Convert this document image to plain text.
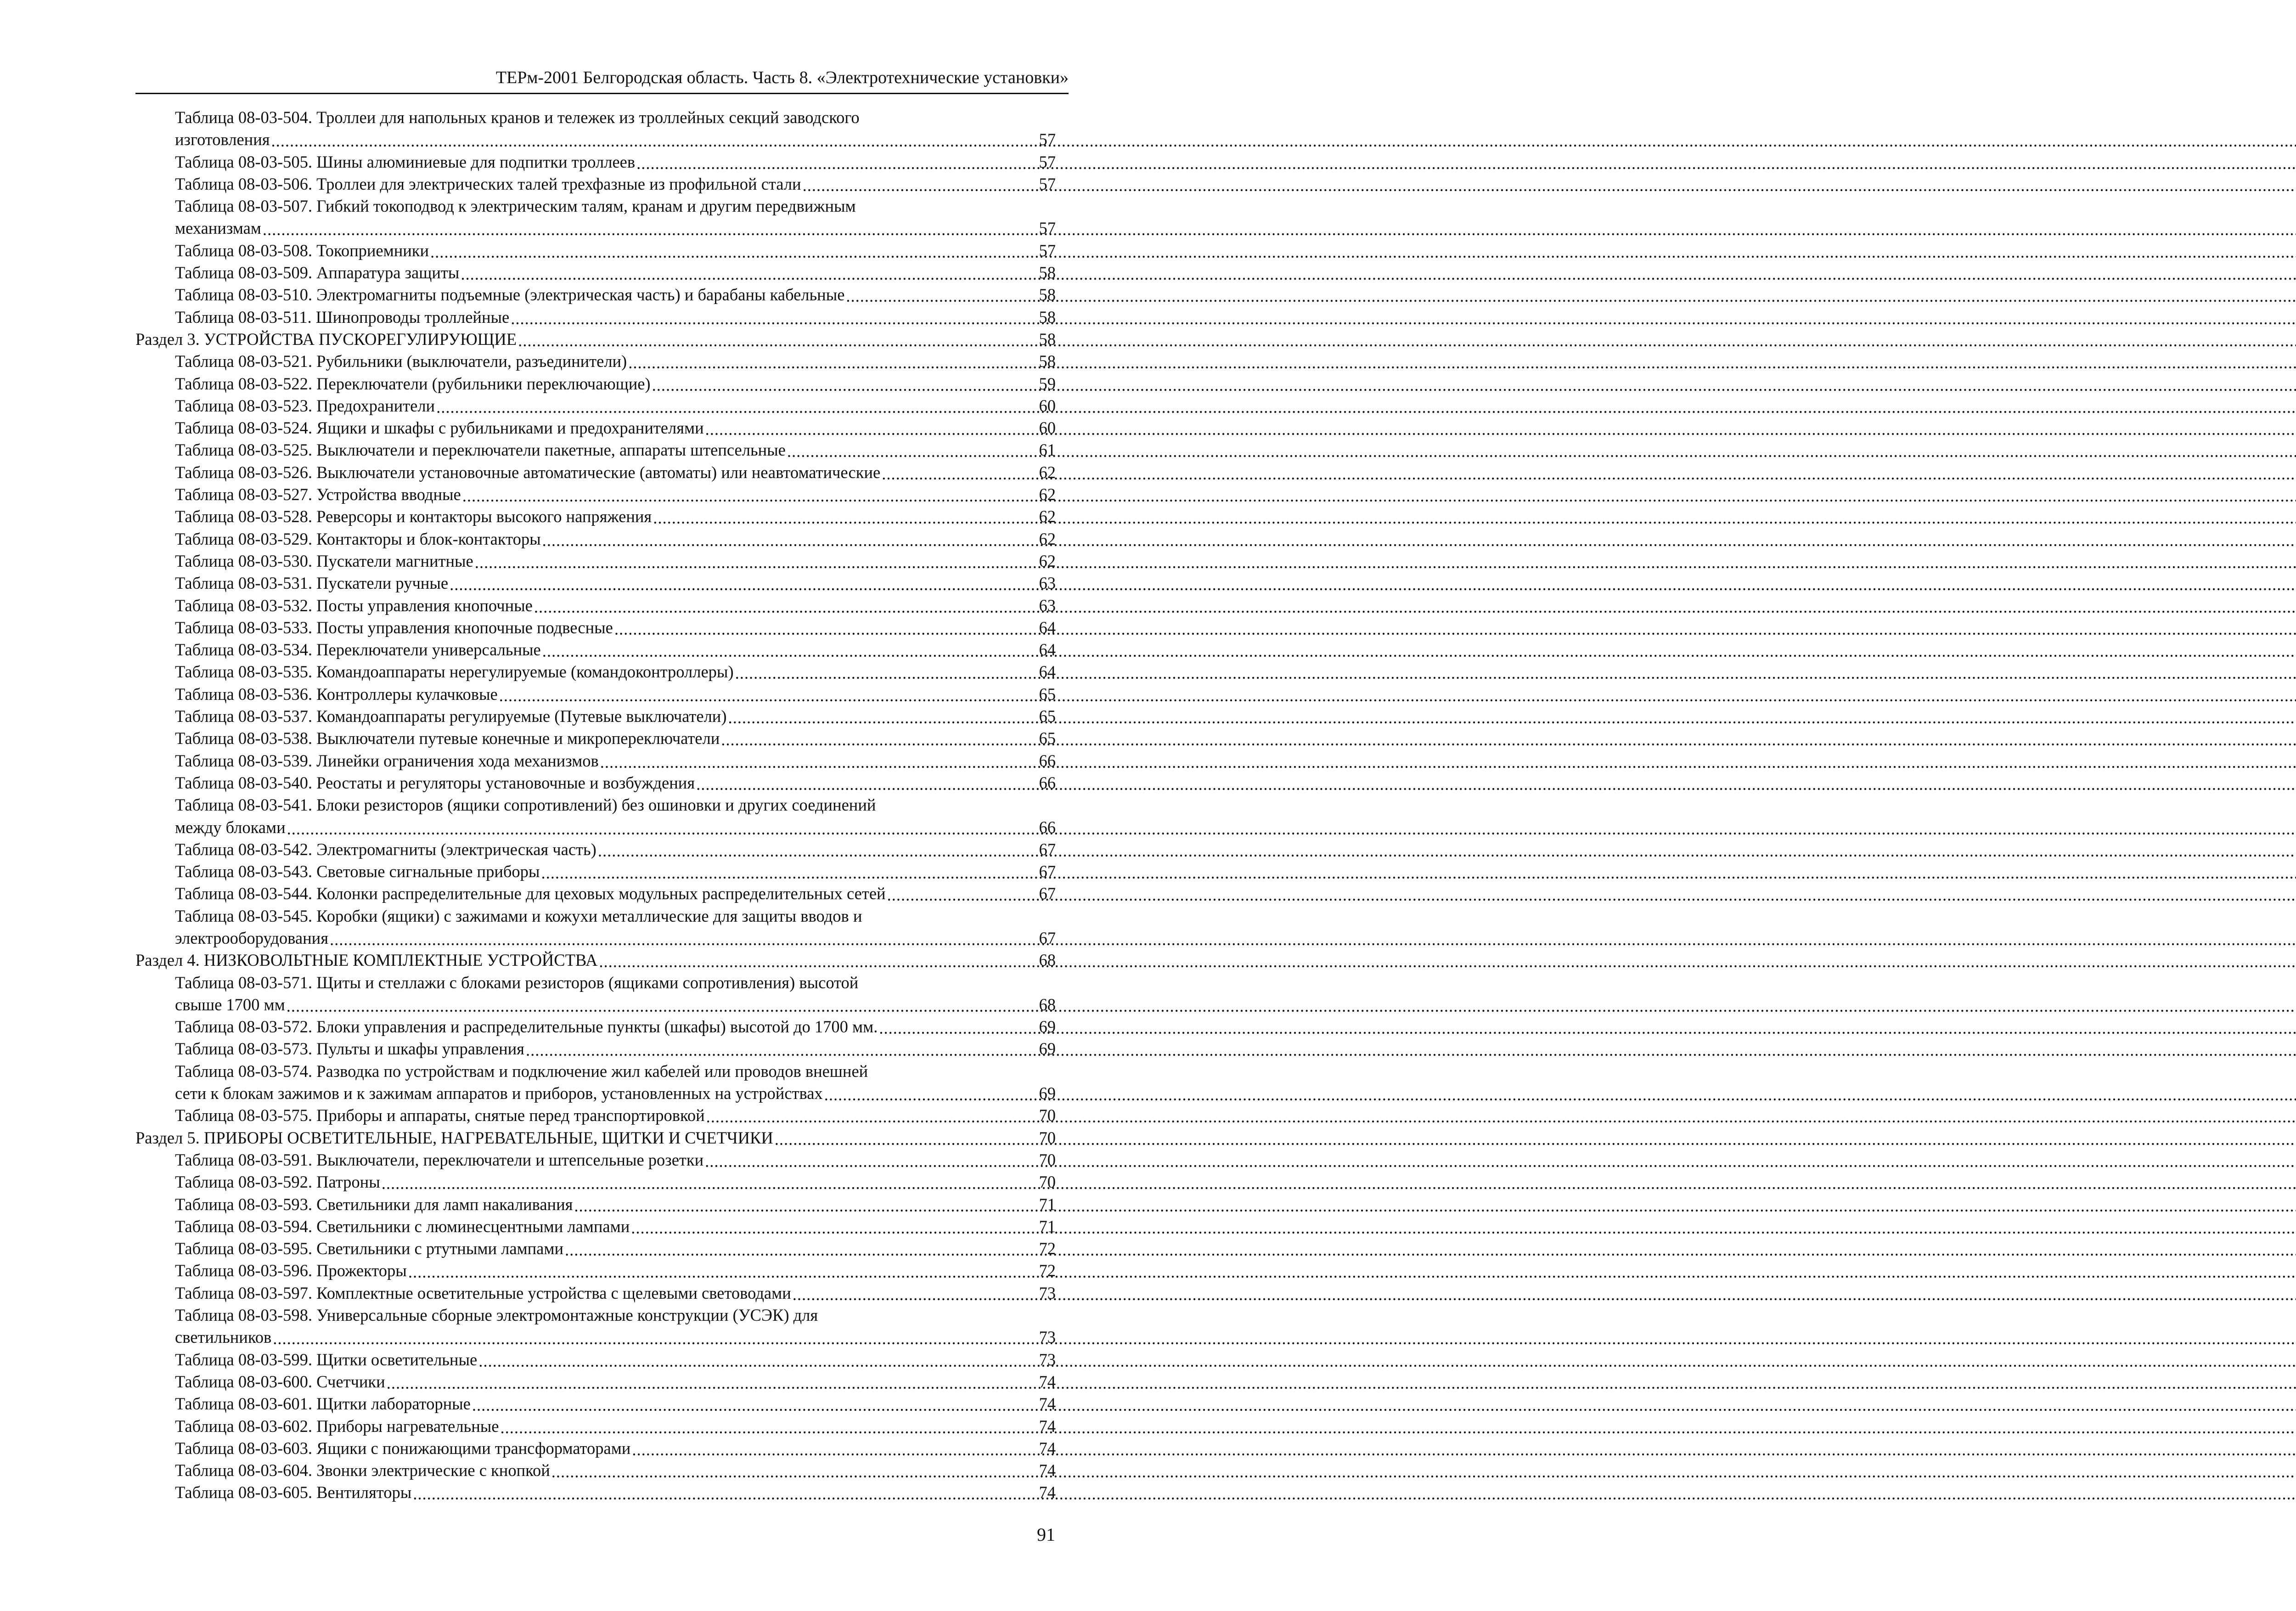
ТЕРм-2001 Белгородская область. Часть 8. «Электротехнические установки»
Таблица 08-03-504. Троллеи для напольных кранов и тележек из троллейных секций заводского
изготовления .....	57
Таблица 08-03-505. Шины алюминиевые для подпитки троллеев .....	57
Таблица 08-03-506. Троллеи для электрических талей трехфазные из профильной стали .....	57
Таблица 08-03-507. Гибкий токоподвод к электрическим талям, кранам и другим передвижным
механизмам .....	57
Таблица 08-03-508. Токоприемники .....	57
Таблица 08-03-509. Аппаратура защиты .....	58
Таблица 08-03-510. Электромагниты подъемные (электрическая часть) и барабаны кабельные .....	58
Таблица 08-03-511. Шинопроводы троллейные .....	58
Раздел 3. УСТРОЙСТВА ПУСКОРЕГУЛИРУЮЩИЕ .....	58
Таблица 08-03-521. Рубильники (выключатели, разъединители) .....	58
Таблица 08-03-522. Переключатели (рубильники переключающие) .....	59
Таблица 08-03-523. Предохранители .....	60
Таблица 08-03-524. Ящики и шкафы с рубильниками и предохранителями .....	60
Таблица 08-03-525. Выключатели и переключатели пакетные, аппараты штепсельные .....	61
Таблица 08-03-526. Выключатели установочные автоматические (автоматы) или неавтоматические .....	62
Таблица 08-03-527. Устройства вводные .....	62
Таблица 08-03-528. Реверсоры и контакторы высокого напряжения .....	62
Таблица 08-03-529. Контакторы и блок-контакторы .....	62
Таблица 08-03-530. Пускатели магнитные .....	62
Таблица 08-03-531. Пускатели ручные .....	63
Таблица 08-03-532. Посты управления кнопочные .....	63
Таблица 08-03-533. Посты управления кнопочные подвесные .....	64
Таблица 08-03-534. Переключатели универсальные .....	64
Таблица 08-03-535. Командоаппараты нерегулируемые (командоконтроллеры) .....	64
Таблица 08-03-536. Контроллеры кулачковые .....	65
Таблица 08-03-537. Командоаппараты регулируемые (Путевые выключатели) .....	65
Таблица 08-03-538. Выключатели путевые конечные и микропереключатели .....	65
Таблица 08-03-539. Линейки ограничения хода механизмов .....	66
Таблица 08-03-540. Реостаты и регуляторы установочные и возбуждения .....	66
Таблица 08-03-541. Блоки резисторов (ящики сопротивлений) без ошиновки и других соединений
между блоками .....	66
Таблица 08-03-542. Электромагниты (электрическая часть) .....	67
Таблица 08-03-543. Световые сигнальные приборы .....	67
Таблица 08-03-544. Колонки распределительные для цеховых модульных распределительных сетей .....	67
Таблица 08-03-545. Коробки (ящики) с зажимами и кожухи металлические для защиты вводов и
электрооборудования .....	67
Раздел 4. НИЗКОВОЛЬТНЫЕ КОМПЛЕКТНЫЕ УСТРОЙСТВА .....	68
Таблица 08-03-571. Щиты и стеллажи с блоками резисторов (ящиками сопротивления) высотой
свыше 1700 мм .....	68
Таблица 08-03-572. Блоки управления и распределительные пункты (шкафы) высотой до 1700 мм. .....	69
Таблица 08-03-573. Пульты и шкафы управления .....	69
Таблица 08-03-574. Разводка по устройствам и подключение жил кабелей или проводов внешней
сети к блокам зажимов и к зажимам аппаратов и приборов, установленных на устройствах .....	69
Таблица 08-03-575. Приборы и аппараты, снятые перед транспортировкой .....	70
Раздел 5. ПРИБОРЫ ОСВЕТИТЕЛЬНЫЕ, НАГРЕВАТЕЛЬНЫЕ, ЩИТКИ И СЧЕТЧИКИ .....	70
Таблица 08-03-591. Выключатели, переключатели и штепсельные розетки .....	70
Таблица 08-03-592. Патроны .....	70
Таблица 08-03-593. Светильники для ламп накаливания .....	71
Таблица 08-03-594. Светильники с люминесцентными лампами .....	71
Таблица 08-03-595. Светильники с ртутными лампами .....	72
Таблица 08-03-596. Прожекторы .....	72
Таблица 08-03-597. Комплектные осветительные устройства с щелевыми световодами .....	73
Таблица 08-03-598. Универсальные сборные электромонтажные конструкции (УСЭК) для
светильников .....	73
Таблица 08-03-599. Щитки осветительные .....	73
Таблица 08-03-600. Счетчики .....	74
Таблица 08-03-601. Щитки лабораторные .....	74
Таблица 08-03-602. Приборы нагревательные .....	74
Таблица 08-03-603. Ящики с понижающими трансформаторами .....	74
Таблица 08-03-604. Звонки электрические с кнопкой .....	74
Таблица 08-03-605. Вентиляторы .....	74
91
